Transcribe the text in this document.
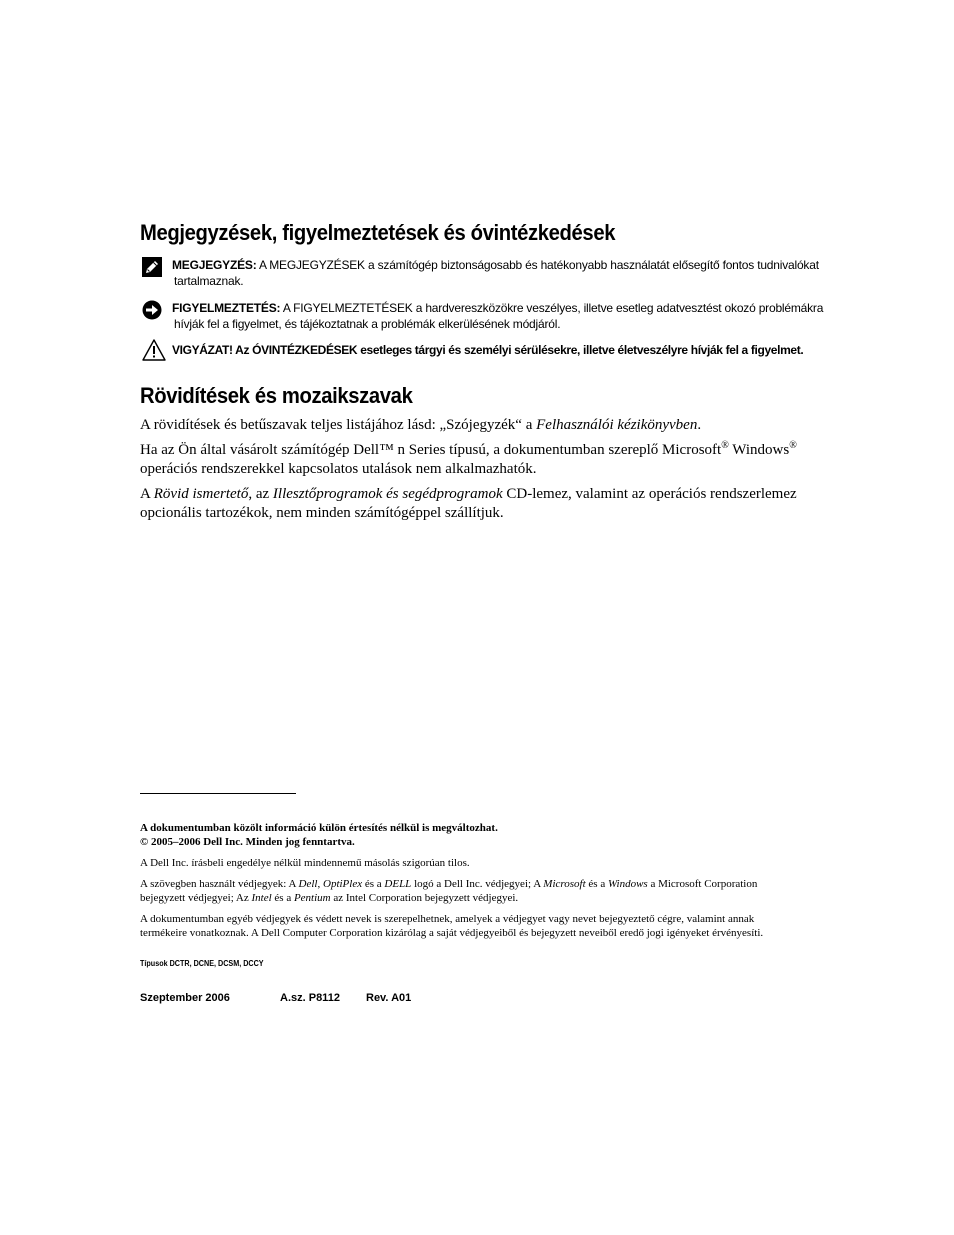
Megjegyzések, figyelmeztetések és óvintézkedések
MEGJEGYZÉS: A MEGJEGYZÉSEK a számítógép biztonságosabb és hatékonyabb használatát elősegítő fontos tudnivalókat
tartalmaznak.
FIGYELMEZTETÉS: A FIGYELMEZTETÉSEK a hardvereszközökre veszélyes, illetve esetleg adatvesztést okozó problémákra
hívják fel a figyelmet, és tájékoztatnak a problémák elkerülésének módjáról.
VIGYÁZAT! Az ÓVINTÉZKEDÉSEK esetleges tárgyi és személyi sérülésekre, illetve életveszélyre hívják fel a figyelmet.
Rövidítések és mozaikszavak
A rövidítések és betűszavak teljes listájához lásd: „Szójegyzék“ a Felhasználói kézikönyvben.
Ha az Ön által vásárolt számítógép Dell™ n Series típusú, a dokumentumban szereplő Microsoft® Windows®
operációs rendszerekkel kapcsolatos utalások nem alkalmazhatók.
A Rövid ismertető, az Illesztőprogramok és segédprogramok CD-lemez, valamint az operációs rendszerlemez
opcionális tartozékok, nem minden számítógéppel szállítjuk.
A dokumentumban közölt információ külön értesítés nélkül is megváltozhat.
© 2005–2006 Dell Inc. Minden jog fenntartva.
A Dell Inc. írásbeli engedélye nélkül mindennemű másolás szigorúan tilos.
A szövegben használt védjegyek: A Dell, OptiPlex és a DELL logó a Dell Inc. védjegyei; A Microsoft és a Windows a Microsoft Corporation
bejegyzett védjegyei; Az Intel és a Pentium az Intel Corporation bejegyzett védjegyei.
A dokumentumban egyéb védjegyek és védett nevek is szerepelhetnek, amelyek a védjegyet vagy nevet bejegyeztető cégre, valamint annak
termékeire vonatkoznak. A Dell Computer Corporation kizárólag a saját védjegyeiből és bejegyzett neveiből eredő jogi igényeket érvényesíti.
Típusok DCTR, DCNE, DCSM, DCCY
Szeptember 2006	A.sz. P8112 Rev. A01
